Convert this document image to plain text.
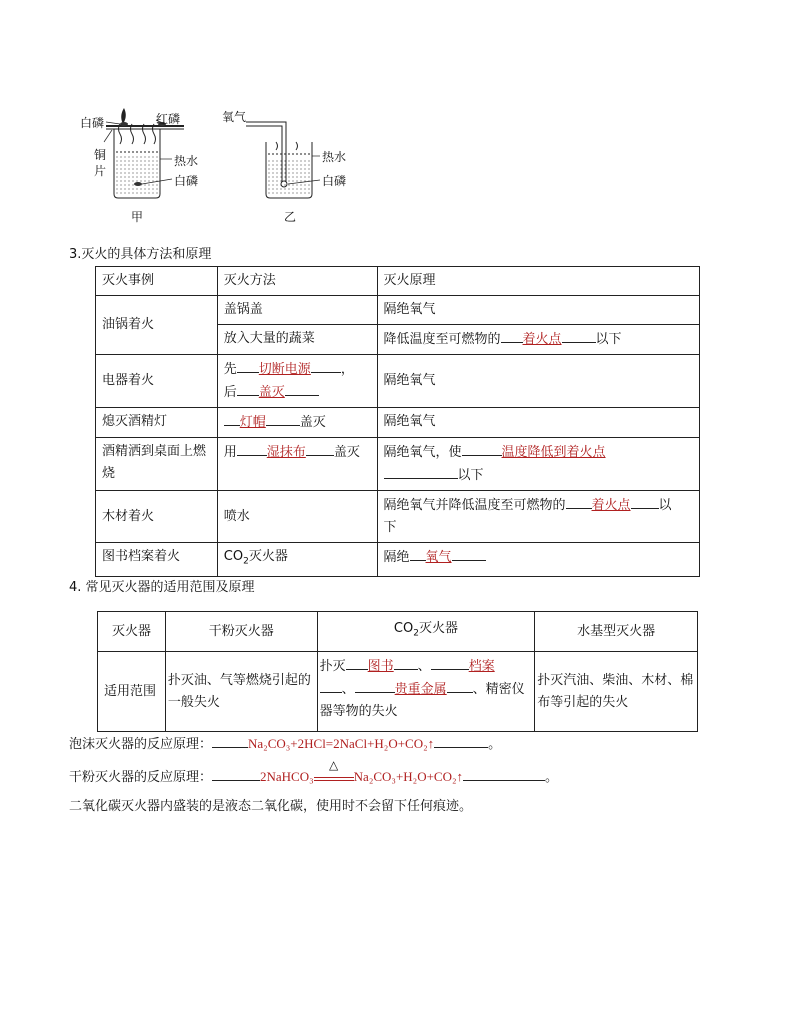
白磷	红磷
铜
片
热水
白磷
甲
氧气
热水
白磷
乙
3.灭火的具体方法和原理
灭火事例	灭火方法	灭火原理
油锅着火	盖锅盖	隔绝氧气
	放入大量的蔬菜	降低温度至可燃物的 着火点 以下
电器着火	先 切断电源 ，
后 盖灭	隔绝氧气
熄灭酒精灯	灯帽 盖灭	隔绝氧气
酒精洒到桌面上燃烧	用 湿抹布 盖灭	隔绝氧气，使 温度降低到着火点
以下
木材着火	喷水	隔绝氧气并降低温度至可燃物的 着火点 以
下
图书档案着火	$CO_2$灭火器	隔绝 氧气
4. 常见灭火器的适用范围及原理
灭火器	干粉灭火器	$CO_2$灭火器	水基型灭火器
适用范围	扑灭油、气等燃烧引起的一般失火	扑灭 图书 、 档案
、 贵重金属 、精密仪器等物的失火	扑灭汽油、柴油、木材、棉布等引起的失火
泡沫灭火器的反应原理：	Na₂CO₃+2HCl=2NaCl+H₂O+CO₂↑	。
干粉灭火器的反应原理：	2NaHCO₃
△
Na₂CO₃+H₂O+CO₂↑	。
二氧化碳灭火器内盛装的是液态二氧化碳，使用时不会留下任何痕迹。
